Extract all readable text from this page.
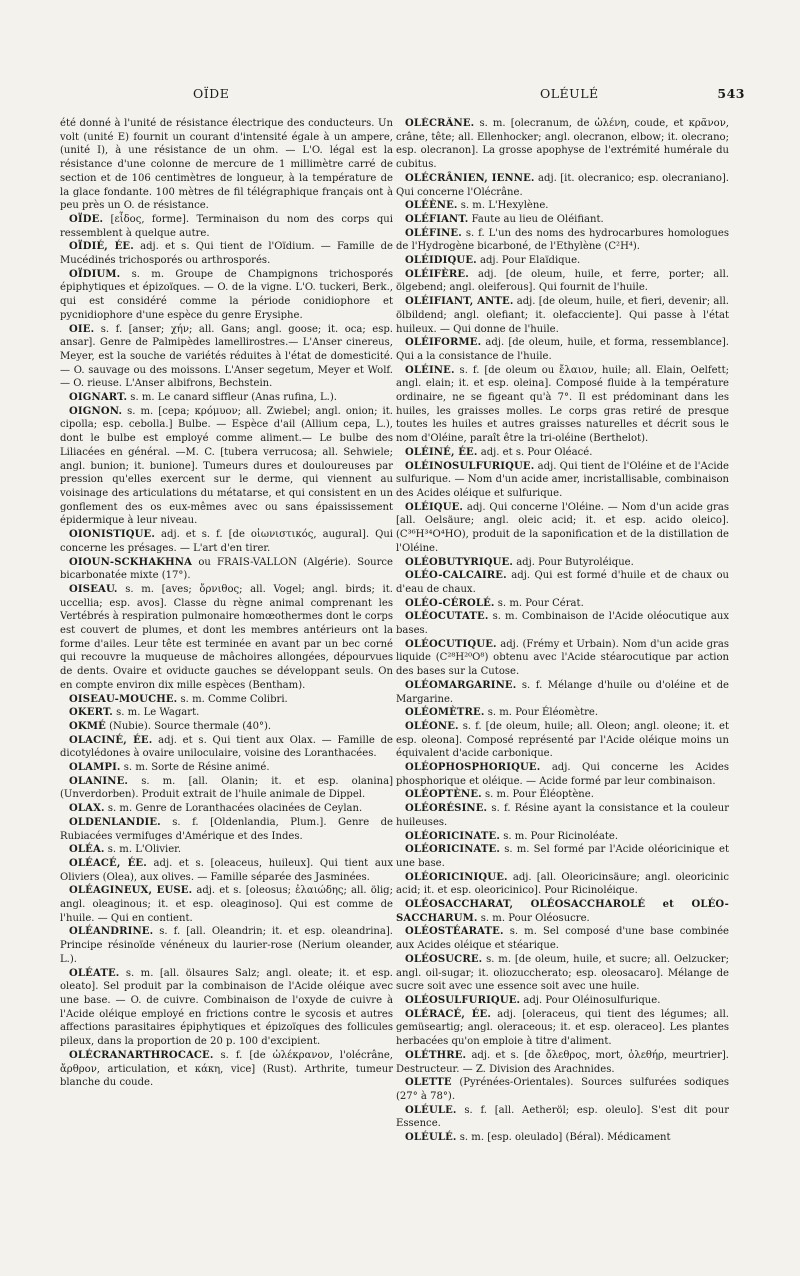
OÏDE	OLÉULÉ	543

été donné à l'unité de résistance électrique des conducteurs. Un volt (unité E) fournit un courant d'intensité égale à un ampere, (unité I), à une résistance de un ohm. — L'O. légal est la résistance d'une colonne de mercure de 1 millimètre carré de section et de 106 centimètres de longueur, à la température de la glace fondante. 100 mètres de fil télégraphique français ont à peu près un O. de résistance.

OÏDE. [εἶδος, forme]. Terminaison du nom des corps qui ressemblent à quelque autre.

OÏDIÉ, ÉE. adj. et s. Qui tient de l'Oïdium. — Famille de Mucédinés trichosporés ou arthrosporés.

OÏDIUM. s. m. Groupe de Champignons trichosporés épiphytiques et épizoïques. — O. de la vigne. L'O. tuckeri, Berk., qui est considéré comme la période conidiophore et pycnidiophore d'une espèce du genre Erysiphe.

OIE. s. f. [anser; χήν; all. Gans; angl. goose; it. oca; esp. ansar]. Genre de Palmipèdes lamellirostres.— L'Anser cinereus, Meyer, est la souche de variétés réduites à l'état de domesticité. — O. sauvage ou des moissons. L'Anser segetum, Meyer et Wolf. — O. rieuse. L'Anser albifrons, Bechstein.

OIGNART. s. m. Le canard siffleur (Anas rufina, L.).

OIGNON. s. m. [cepa; κρόμυον; all. Zwiebel; angl. onion; it. cipolla; esp. cebolla.] Bulbe. — Espèce d'ail (Allium cepa, L.), dont le bulbe est employé comme aliment.— Le bulbe des Liliacées en général. —M. C. [tubera verrucosa; all. Sehwiele; angl. bunion; it. bunione]. Tumeurs dures et douloureuses par pression qu'elles exercent sur le derme, qui viennent au voisinage des articulations du métatarse, et qui consistent en un gonflement des os eux-mêmes avec ou sans épaississement épidermique à leur niveau.

OIONISTIQUE. adj. et s. f. [de οἰωνιστικός, augural]. Qui concerne les présages. — L'art d'en tirer.

OIOUN-SCKHAKHNA ou FRAIS-VALLON (Algérie). Source bicarbonatée mixte (17°).

OISEAU. s. m. [aves; ὄρνιθος; all. Vogel; angl. birds; it. uccellia; esp. avos]. Classe du règne animal comprenant les Vertébrés à respiration pulmonaire homœothermes dont le corps est couvert de plumes, et dont les membres antérieurs ont la forme d'ailes. Leur tête est terminée en avant par un bec corné qui recouvre la muqueuse de mâchoires allongées, dépourvues de dents. Ovaire et oviducte gauches se développant seuls. On en compte environ dix mille espèces (Bentham).

OISEAU-MOUCHE. s. m. Comme Colibri.

OKERT. s. m. Le Wagart.

OKMÉ (Nubie). Source thermale (40°).

OLACINÉ, ÉE. adj. et s. Qui tient aux Olax. — Famille de dicotylédones à ovaire uniloculaire, voisine des Loranthacées.

OLAMPI. s. m. Sorte de Résine animé.

OLANINE. s. m. [all. Olanin; it. et esp. olanina] (Unverdorben). Produit extrait de l'huile animale de Dippel.

OLAX. s. m. Genre de Loranthacées olacinées de Ceylan.

OLDENLANDIE. s. f. [Oldenlandia, Plum.]. Genre de Rubiacées vermifuges d'Amérique et des Indes.

OLÉA. s. m. L'Olivier.

OLÉACÉ, ÉE. adj. et s. [oleaceus, huileux]. Qui tient aux Oliviers (Olea), aux olives. — Famille séparée des Jasminées.

OLÉAGINEUX, EUSE. adj. et s. [oleosus; ἐλαιώδης; all. ölig; angl. oleaginous; it. et esp. oleaginoso]. Qui est comme de l'huile. — Qui en contient.

OLÉANDRINE. s. f. [all. Oleandrin; it. et esp. oleandrina]. Principe résinoïde vénéneux du laurier-rose (Nerium oleander, L.).

OLÉATE. s. m. [all. ölsaures Salz; angl. oleate; it. et esp. oleato]. Sel produit par la combinaison de l'Acide oléique avec une base. — O. de cuivre. Combinaison de l'oxyde de cuivre à l'Acide oléique employé en frictions contre le sycosis et autres affections parasitaires épiphytiques et épizoïques des follicules pileux, dans la proportion de 20 p. 100 d'excipient.

OLÉCRANARTHROCACE. s. f. [de ὠλέκρανον, l'olécrâne, ἄρθρον, articulation, et κάκη, vice] (Rust). Arthrite, tumeur blanche du coude.

OLÉCRÂNE. s. m. [olecranum, de ὠλένη, coude, et κρᾶνον, crâne, tête; all. Ellenhocker; angl. olecranon, elbow; it. olecrano; esp. olecranon]. La grosse apophyse de l'extrémité humérale du cubitus.

OLÉCRÂNIEN, IENNE. adj. [it. olecranico; esp. olecraniano]. Qui concerne l'Olécrâne.

OLÉÈNE. s. m. L'Hexylène.

OLÉFIANT. Faute au lieu de Oléifiant.

OLÉFINE. s. f. L'un des noms des hydrocarbures homologues de l'Hydrogène bicarboné, de l'Ethylène (C²H⁴).

OLÉIDIQUE. adj. Pour Elaïdique.

OLÉIFÈRE. adj. [de oleum, huile, et ferre, porter; all. ölgebend; angl. oleiferous]. Qui fournit de l'huile.

OLÉIFIANT, ANTE. adj. [de oleum, huile, et fieri, devenir; all. ölbildend; angl. olefiant; it. olefacciente]. Qui passe à l'état huileux. — Qui donne de l'huile.

OLÉIFORME. adj. [de oleum, huile, et forma, ressemblance]. Qui a la consistance de l'huile.

OLÉINE. s. f. [de oleum ou ἔλαιον, huile; all. Elain, Oelfett; angl. elain; it. et esp. oleina]. Composé fluide à la température ordinaire, ne se figeant qu'à 7°. Il est prédominant dans les huiles, les graisses molles. Le corps gras retiré de presque toutes les huiles et autres graisses naturelles et décrit sous le nom d'Oléine, paraît être la tri-oléine (Berthelot).

OLÉINÉ, ÉE. adj. et s. Pour Oléacé.

OLÉINOSULFURIQUE. adj. Qui tient de l'Oléine et de l'Acide sulfurique. — Nom d'un acide amer, incristallisable, combinaison des Acides oléique et sulfurique.

OLÉIQUE. adj. Qui concerne l'Oléine. — Nom d'un acide gras [all. Oelsäure; angl. oleic acid; it. et esp. acido oleico]. (C³⁶H³⁴O⁴HO), produit de la saponification et de la distillation de l'Oléine.

OLÉOBUTYRIQUE. adj. Pour Butyroléique.

OLÉO-CALCAIRE. adj. Qui est formé d'huile et de chaux ou d'eau de chaux.

OLÉO-CÉROLÉ. s. m. Pour Cérat.

OLÉOCUTATE. s. m. Combinaison de l'Acide oléocutique aux bases.

OLÉOCUTIQUE. adj. (Frémy et Urbain). Nom d'un acide gras liquide (C²⁸H²⁰O⁸) obtenu avec l'Acide stéarocutique par action des bases sur la Cutose.

OLÉOMARGARINE. s. f. Mélange d'huile ou d'oléine et de Margarine.

OLÉOMÈTRE. s. m. Pour Éléomètre.

OLÉONE. s. f. [de oleum, huile; all. Oleon; angl. oleone; it. et esp. oleona]. Composé représenté par l'Acide oléique moins un équivalent d'acide carbonique.

OLÉOPHOSPHORIQUE. adj. Qui concerne les Acides phosphorique et oléique. — Acide formé par leur combinaison.

OLÉOPTÈNE. s. m. Pour Éléoptène.

OLÉORÉSINE. s. f. Résine ayant la consistance et la couleur huileuses.

OLÉORICINATE. s. m. Pour Ricinoléate.

OLÉORICINATE. s. m. Sel formé par l'Acide oléoricinique et une base.

OLÉORICINIQUE. adj. [all. Oleoricinsäure; angl. oleoricinic acid; it. et esp. oleoricinico]. Pour Ricinoléique.

OLÉOSACCHARAT, OLÉOSACCHAROLÉ et OLÉO-SACCHARUM. s. m. Pour Oléosucre.

OLÉOSTÉARATE. s. m. Sel composé d'une base combinée aux Acides oléique et stéarique.

OLÉOSUCRE. s. m. [de oleum, huile, et sucre; all. Oelzucker; angl. oil-sugar; it. oliozuccherato; esp. oleosacaro]. Mélange de sucre soit avec une essence soit avec une huile.

OLÉOSULFURIQUE. adj. Pour Oléinosulfurique.

OLÉRACÉ, ÉE. adj. [oleraceus, qui tient des légumes; all. gemüseartig; angl. oleraceous; it. et esp. oleraceo]. Les plantes herbacées qu'on emploie à titre d'aliment.

OLÉTHRE. adj. et s. [de ὄλεθρος, mort, ὀλεθήρ, meurtrier]. Destructeur. — Z. Division des Arachnides.

OLETTE (Pyrénées-Orientales). Sources sulfurées sodiques (27° à 78°).

OLÉULE. s. f. [all. Aetheröl; esp. oleulo]. S'est dit pour Essence.

OLÉULÉ. s. m. [esp. oleulado] (Béral). Médicament
